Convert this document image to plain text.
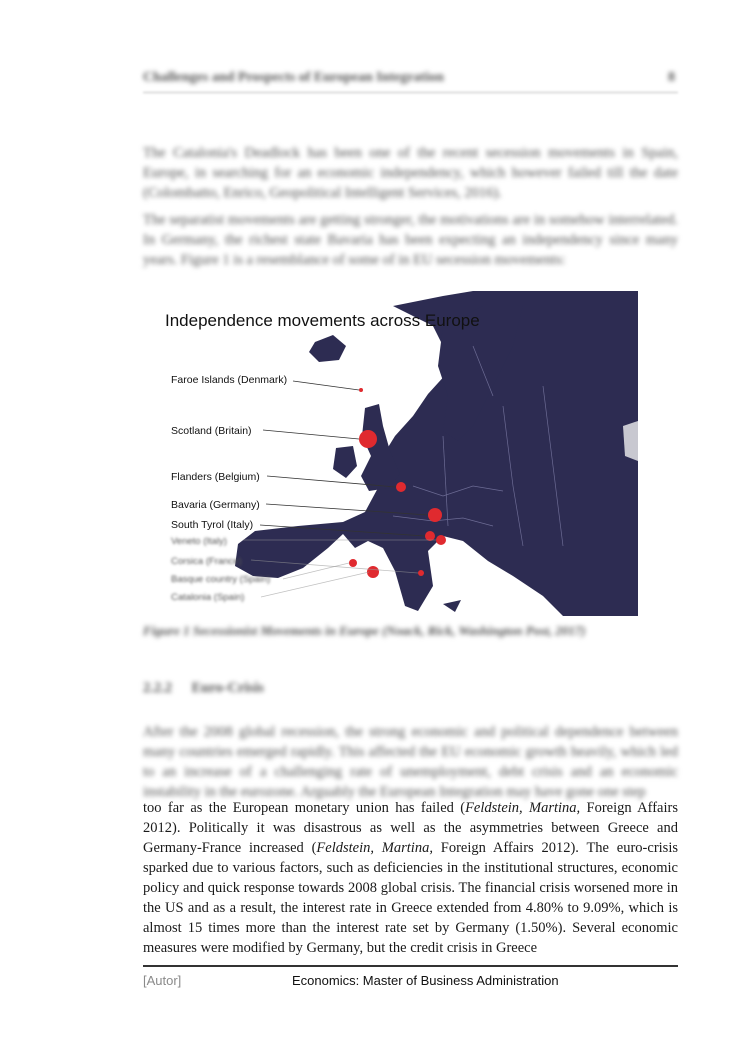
Challenges and Prospects of European Integration	8
The Catalonia's Deadlock has been one of the recent secession movements in Spain, Europe, in searching for an economic independency, which however failed till the date (Colombatto, Enrico, Geopolitical Intelligent Services, 2016).
The separatist movements are getting stronger, the motivations are in somehow interrelated. In Germany, the richest state Bavaria has been expecting an independency since many years. Figure 1 is a resemblance of some of in EU secession movements:
Independence movements across Europe
Faroe Islands (Denmark)
Scotland (Britain)
Flanders (Belgium)
Bavaria (Germany)
South Tyrol (Italy)
Veneto (Italy)
Corsica (France)
Basque country (Spain)
Catalonia (Spain)
Figure 1 Secessionist Movements in Europe (Noack, Rick, Washington Post, 2017)
2.2.2 Euro-Crisis
After the 2008 global recession, the strong economic and political dependence between many countries emerged rapidly. This affected the EU economic growth heavily, which led to an increase of a challenging rate of unemployment, debt crisis and an economic instability in the eurozone. Arguably the European Integration may have gone one step
too far as the European monetary union has failed (Feldstein, Martina, Foreign Affairs 2012). Politically it was disastrous as well as the asymmetries between Greece and Germany-France increased (Feldstein, Martina, Foreign Affairs 2012). The euro-crisis sparked due to various factors, such as deficiencies in the institutional structures, economic policy and quick response towards 2008 global crisis. The financial crisis worsened more in the US and as a result, the interest rate in Greece extended from 4.80% to 9.09%, which is almost 15 times more than the interest rate set by Germany (1.50%). Several economic measures were modified by Germany, but the credit crisis in Greece
[Autor]	Economics: Master of Business Administration
